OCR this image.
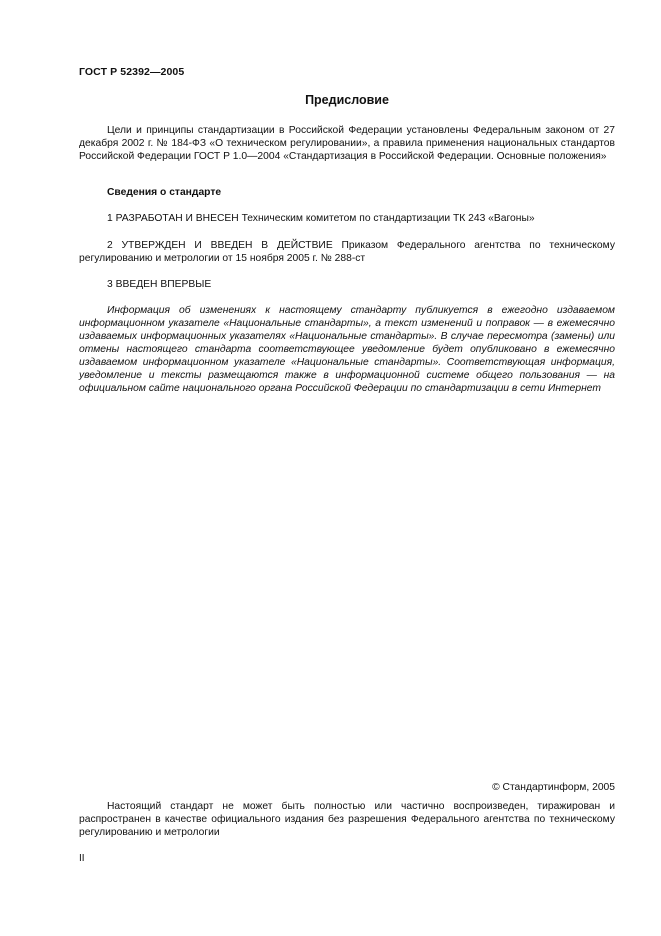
ГОСТ Р 52392—2005
Предисловие

Цели и принципы стандартизации в Российской Федерации установлены Федеральным законом от 27 декабря 2002 г. № 184-ФЗ «О техническом регулировании», а правила применения национальных стандартов Российской Федерации ГОСТ Р 1.0—2004 «Стандартизация в Российской Федерации. Основные положения»

Сведения о стандарте

1 РАЗРАБОТАН И ВНЕСЕН Техническим комитетом по стандартизации ТК 243 «Вагоны»

2 УТВЕРЖДЕН И ВВЕДЕН В ДЕЙСТВИЕ Приказом Федерального агентства по техническому регулированию и метрологии от 15 ноября 2005 г. № 288-ст

3 ВВЕДЕН ВПЕРВЫЕ

Информация об изменениях к настоящему стандарту публикуется в ежегодно издаваемом информационном указателе «Национальные стандарты», а текст изменений и поправок — в ежемесячно издаваемых информационных указателях «Национальные стандарты». В случае пересмотра (замены) или отмены настоящего стандарта соответствующее уведомление будет опубликовано в ежемесячно издаваемом информационном указателе «Национальные стандарты». Соответствующая информация, уведомление и тексты размещаются также в информационной системе общего пользования — на официальном сайте национального органа Российской Федерации по стандартизации в сети Интернет

© Стандартинформ, 2005

Настоящий стандарт не может быть полностью или частично воспроизведен, тиражирован и распространен в качестве официального издания без разрешения Федерального агентства по техническому регулированию и метрологии

II
